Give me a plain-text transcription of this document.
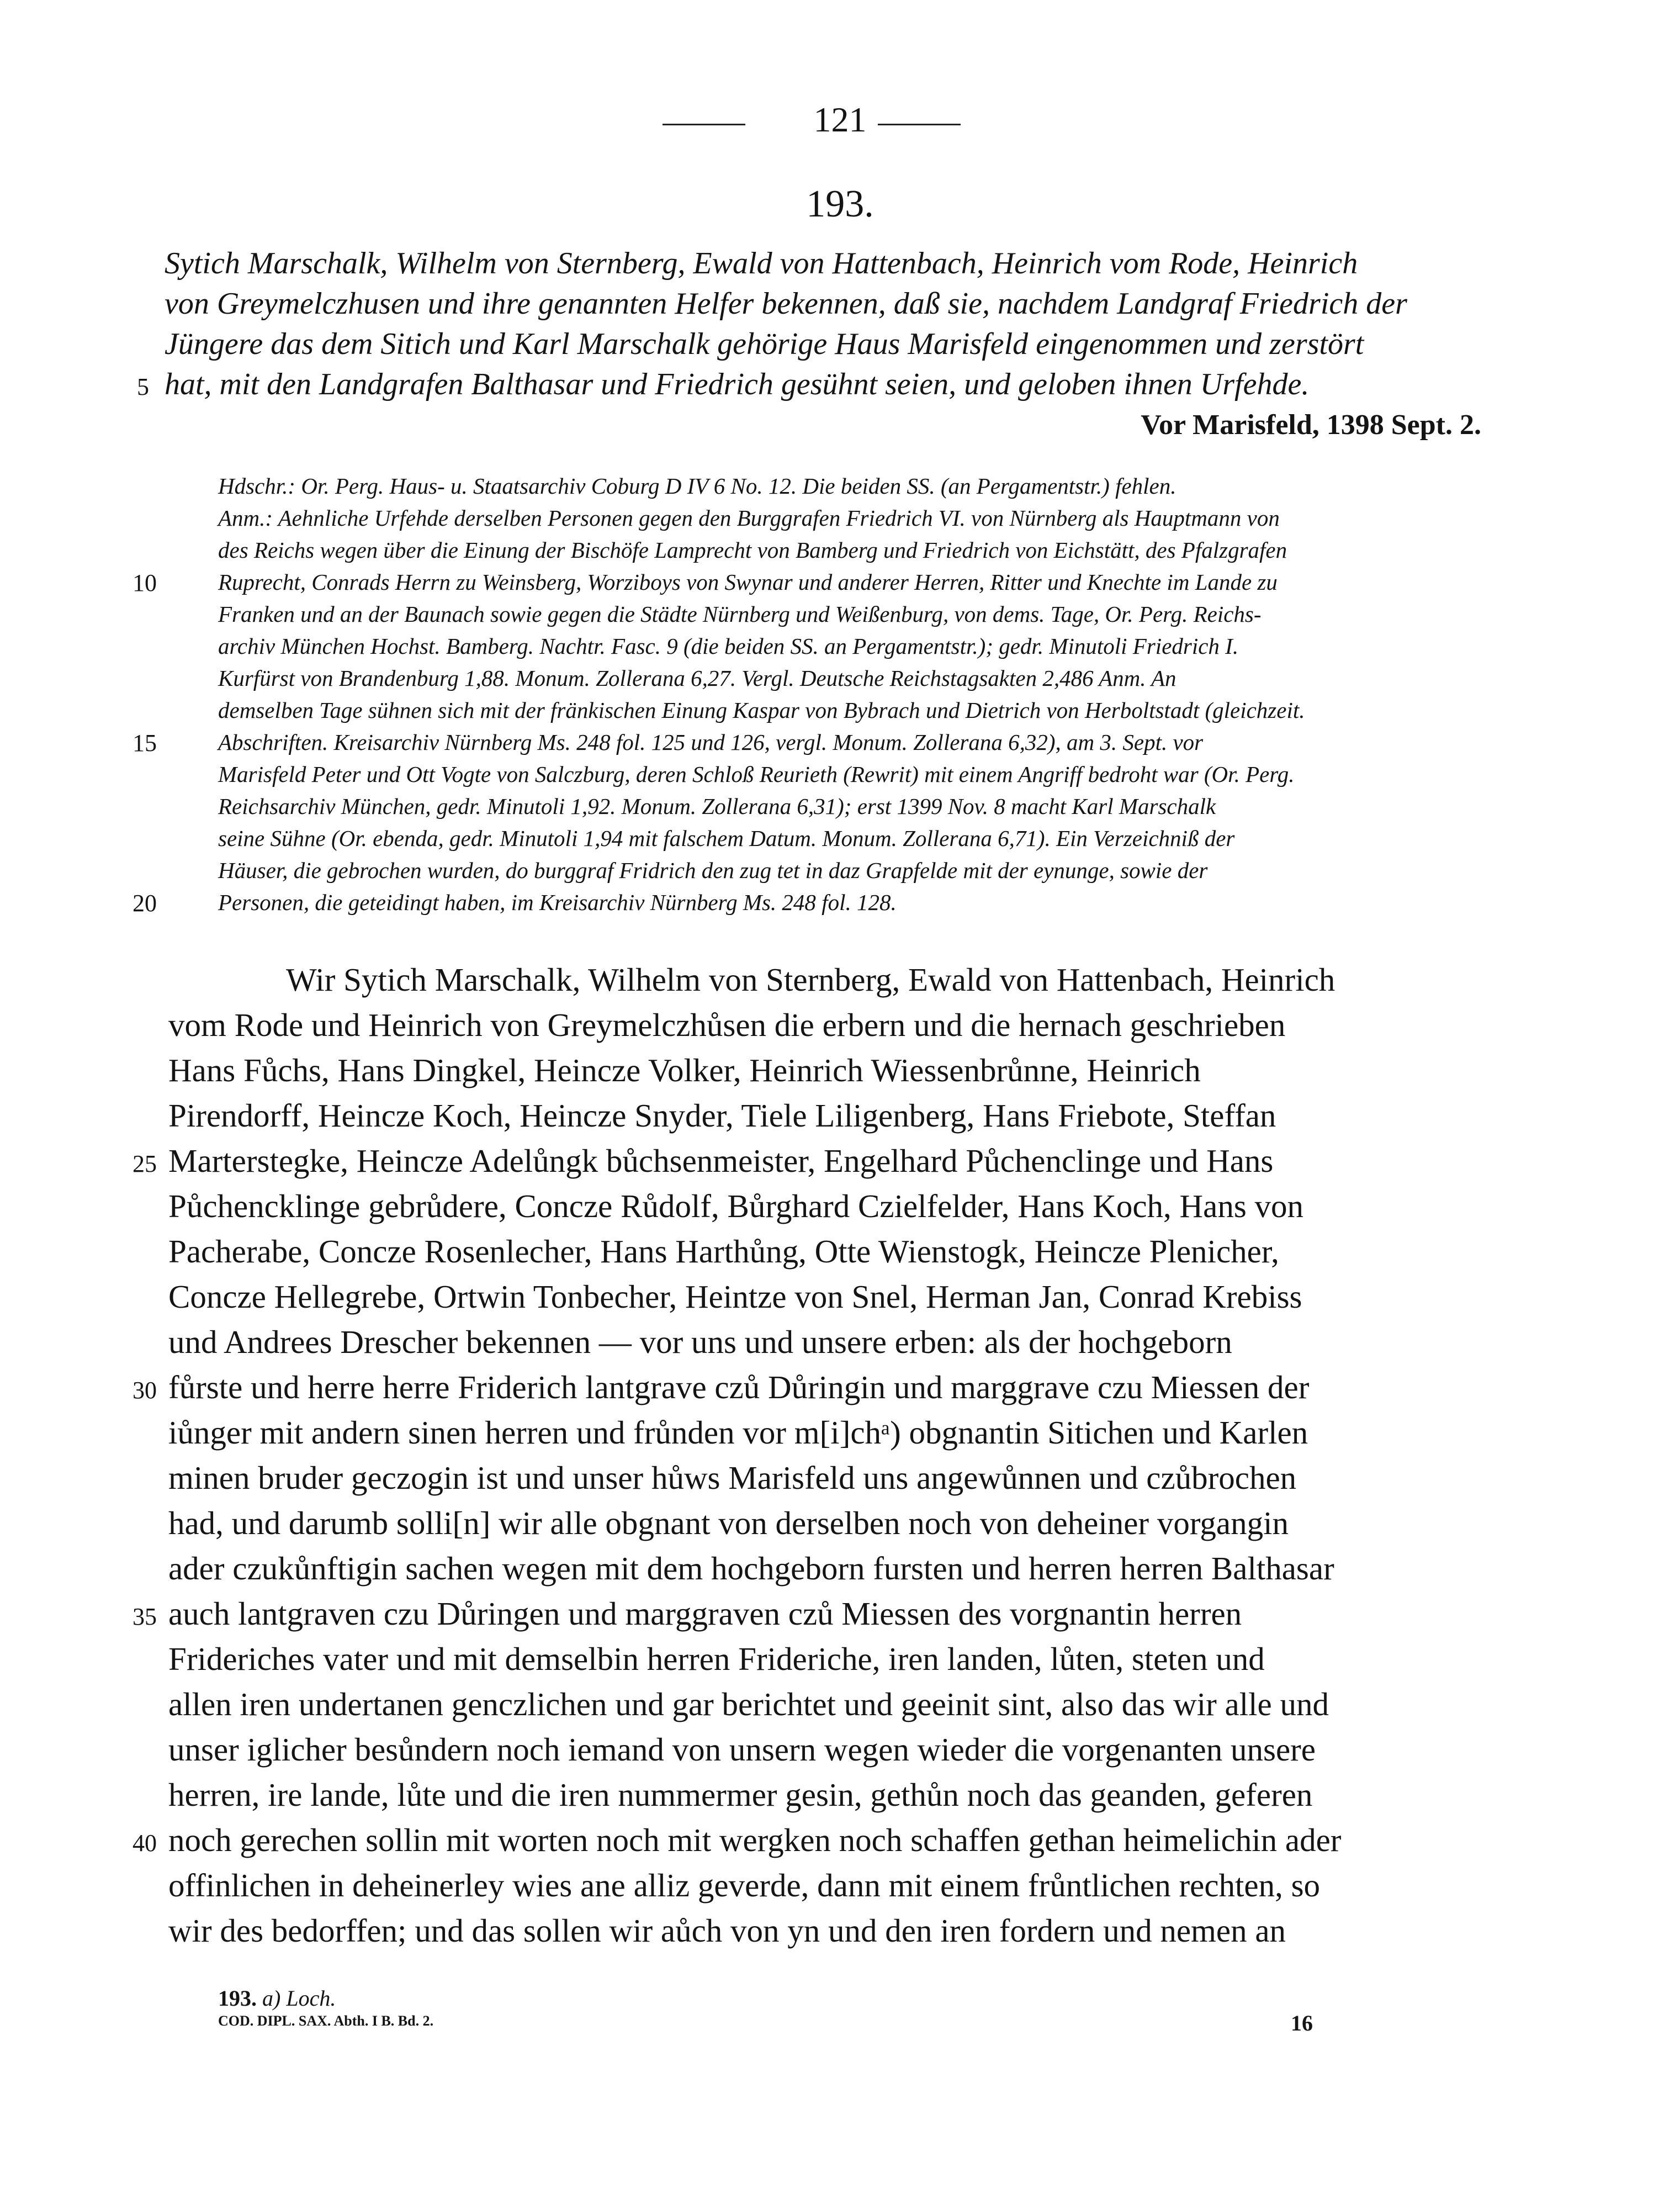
121
193.
Sytich Marschalk, Wilhelm von Sternberg, Ewald von Hattenbach, Heinrich vom Rode, Heinrich
von Greymelczhusen und ihre genannten Helfer bekennen, daß sie, nachdem Landgraf Friedrich der
Jüngere das dem Sitich und Karl Marschalk gehörige Haus Marisfeld eingenommen und zerstört
hat, mit den Landgrafen Balthasar und Friedrich gesühnt seien, und geloben ihnen Urfehde.
5
Vor Marisfeld, 1398 Sept. 2.
Hdschr.: Or. Perg. Haus- u. Staatsarchiv Coburg D IV 6 No. 12. Die beiden SS. (an Pergamentstr.) fehlen.
Anm.: Aehnliche Urfehde derselben Personen gegen den Burggrafen Friedrich VI. von Nürnberg als Hauptmann von
des Reichs wegen über die Einung der Bischöfe Lamprecht von Bamberg und Friedrich von Eichstätt, des Pfalzgrafen
Ruprecht, Conrads Herrn zu Weinsberg, Worziboys von Swynar und anderer Herren, Ritter und Knechte im Lande zu
Franken und an der Baunach sowie gegen die Städte Nürnberg und Weißenburg, von dems. Tage, Or. Perg. Reichs-
archiv München Hochst. Bamberg. Nachtr. Fasc. 9 (die beiden SS. an Pergamentstr.); gedr. Minutoli Friedrich I.
Kurfürst von Brandenburg 1,88. Monum. Zollerana 6,27. Vergl. Deutsche Reichstagsakten 2,486 Anm. An
demselben Tage sühnen sich mit der fränkischen Einung Kaspar von Bybrach und Dietrich von Herboltstadt (gleichzeit.
Abschriften. Kreisarchiv Nürnberg Ms. 248 fol. 125 und 126, vergl. Monum. Zollerana 6,32), am 3. Sept. vor
Marisfeld Peter und Ott Vogte von Salczburg, deren Schloß Reurieth (Rewrit) mit einem Angriff bedroht war (Or. Perg.
Reichsarchiv München, gedr. Minutoli 1,92. Monum. Zollerana 6,31); erst 1399 Nov. 8 macht Karl Marschalk
seine Sühne (Or. ebenda, gedr. Minutoli 1,94 mit falschem Datum. Monum. Zollerana 6,71). Ein Verzeichniß der
Häuser, die gebrochen wurden, do burggraf Fridrich den zug tet in daz Grapfelde mit der eynunge, sowie der
Personen, die geteidingt haben, im Kreisarchiv Nürnberg Ms. 248 fol. 128.
10
15
20
Wir Sytich Marschalk, Wilhelm von Sternberg, Ewald von Hattenbach, Heinrich
vom Rode und Heinrich von Greymelczhůsen die erbern und die hernach geschrieben
Hans Fůchs, Hans Dingkel, Heincze Volker, Heinrich Wiessenbrůnne, Heinrich
Pirendorff, Heincze Koch, Heincze Snyder, Tiele Liligenberg, Hans Friebote, Steffan
Marterstegke, Heincze Adelůngk bůchsenmeister, Engelhard Půchenclinge und Hans
Půchencklinge gebrůdere, Concze Růdolf, Bůrghard Czielfelder, Hans Koch, Hans von
Pacherabe, Concze Rosenlecher, Hans Harthůng, Otte Wienstogk, Heincze Plenicher,
Concze Hellegrebe, Ortwin Tonbecher, Heintze von Snel, Herman Jan, Conrad Krebiss
und Andrees Drescher bekennen — vor uns und unsere erben: als der hochgeborn
fůrste und herre herre Friderich lantgrave czů Důringin und marggrave czu Miessen der
iůnger mit andern sinen herren und frůnden vor m[i]chᵃ) obgnantin Sitichen und Karlen
minen bruder geczogin ist und unser hůws Marisfeld uns angewůnnen und czůbrochen
had, und darumb solli[n] wir alle obgnant von derselben noch von deheiner vorgangin
ader czukůnftigin sachen wegen mit dem hochgeborn fursten und herren herren Balthasar
auch lantgraven czu Důringen und marggraven czů Miessen des vorgnantin herren
Frideriches vater und mit demselbin herren Frideriche, iren landen, lůten, steten und
allen iren undertanen genczlichen und gar berichtet und geeinit sint, also das wir alle und
unser iglicher besůndern noch iemand von unsern wegen wieder die vorgenanten unsere
herren, ire lande, lůte und die iren nummermer gesin, gethůn noch das geanden, geferen
noch gerechen sollin mit worten noch mit wergken noch schaffen gethan heimelichin ader
offinlichen in deheinerley wies ane alliz geverde, dann mit einem frůntlichen rechten, so
wir des bedorffen; und das sollen wir aůch von yn und den iren fordern und nemen an
25
30
35
40
193. a) Loch.
COD. DIPL. SAX. Abth. I B. Bd. 2.	16
